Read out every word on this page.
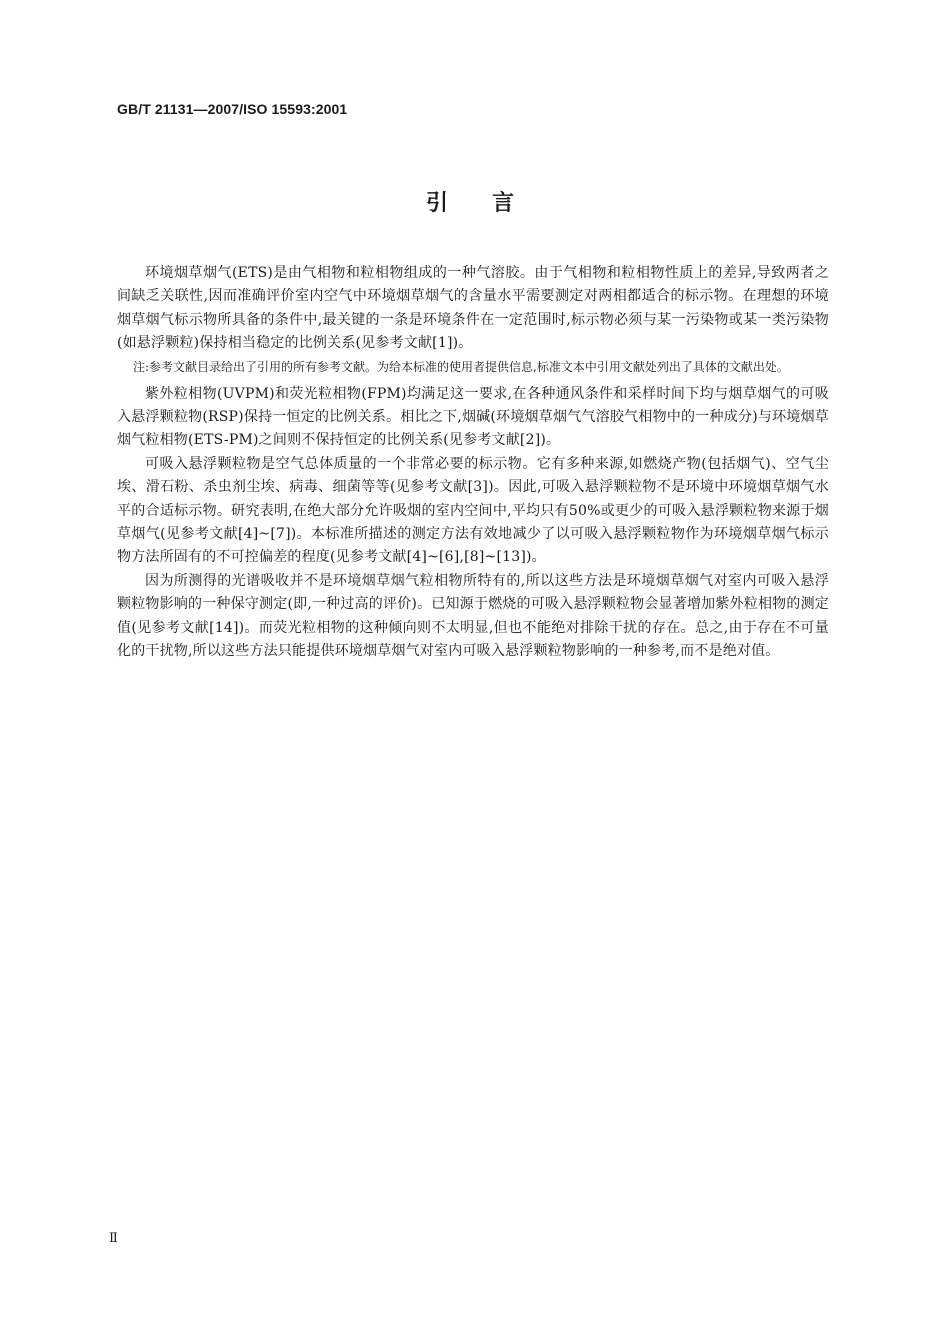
GB/T 21131—2007/ISO 15593:2001
引言

环境烟草烟气(ETS)是由气相物和粒相物组成的一种气溶胶。由于气相物和粒相物性质上的差异,导致两者之间缺乏关联性,因而准确评价室内空气中环境烟草烟气的含量水平需要测定对两相都适合的标示物。在理想的环境烟草烟气标示物所具备的条件中,最关键的一条是环境条件在一定范围时,标示物必须与某一污染物或某一类污染物(如悬浮颗粒)保持相当稳定的比例关系(见参考文献[1])。

注:参考文献目录给出了引用的所有参考文献。为给本标准的使用者提供信息,标准文本中引用文献处列出了具体的文献出处。

紫外粒相物(UVPM)和荧光粒相物(FPM)均满足这一要求,在各种通风条件和采样时间下均与烟草烟气的可吸入悬浮颗粒物(RSP)保持一恒定的比例关系。相比之下,烟碱(环境烟草烟气气溶胶气相物中的一种成分)与环境烟草烟气粒相物(ETS-PM)之间则不保持恒定的比例关系(见参考文献[2])。

可吸入悬浮颗粒物是空气总体质量的一个非常必要的标示物。它有多种来源,如燃烧产物(包括烟气)、空气尘埃、滑石粉、杀虫剂尘埃、病毒、细菌等等(见参考文献[3])。因此,可吸入悬浮颗粒物不是环境中环境烟草烟气水平的合适标示物。研究表明,在绝大部分允许吸烟的室内空间中,平均只有50%或更少的可吸入悬浮颗粒物来源于烟草烟气(见参考文献[4]~[7])。本标准所描述的测定方法有效地减少了以可吸入悬浮颗粒物作为环境烟草烟气标示物方法所固有的不可控偏差的程度(见参考文献[4]~[6],[8]~[13])。

因为所测得的光谱吸收并不是环境烟草烟气粒相物所特有的,所以这些方法是环境烟草烟气对室内可吸入悬浮颗粒物影响的一种保守测定(即,一种过高的评价)。已知源于燃烧的可吸入悬浮颗粒物会显著增加紫外粒相物的测定值(见参考文献[14])。而荧光粒相物的这种倾向则不太明显,但也不能绝对排除干扰的存在。总之,由于存在不可量化的干扰物,所以这些方法只能提供环境烟草烟气对室内可吸入悬浮颗粒物影响的一种参考,而不是绝对值。

Ⅱ
